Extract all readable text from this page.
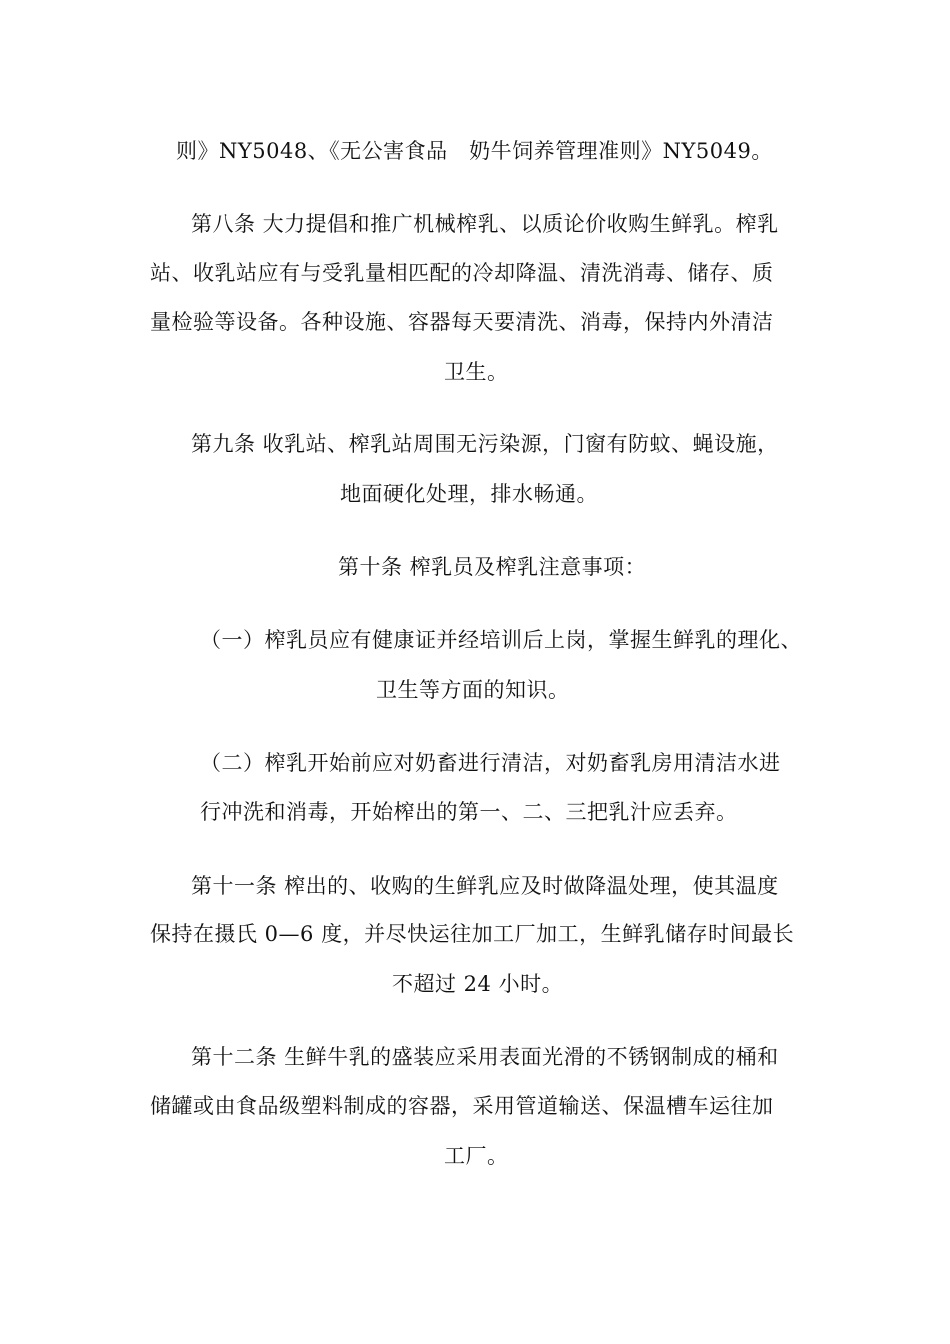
则》NY5048、《无公害食品　奶牛饲养管理准则》NY5049。
第八条 大力提倡和推广机械榨乳、以质论价收购生鲜乳。榨乳
站、收乳站应有与受乳量相匹配的冷却降温、清洗消毒、储存、质
量检验等设备。各种设施、容器每天要清洗、消毒，保持内外清洁
卫生。
第九条 收乳站、榨乳站周围无污染源，门窗有防蚊、蝇设施，
地面硬化处理，排水畅通。
第十条 榨乳员及榨乳注意事项：
（一）榨乳员应有健康证并经培训后上岗，掌握生鲜乳的理化、
卫生等方面的知识。
（二）榨乳开始前应对奶畜进行清洁，对奶畜乳房用清洁水进
行冲洗和消毒，开始榨出的第一、二、三把乳汁应丢弃。
第十一条 榨出的、收购的生鲜乳应及时做降温处理，使其温度
保持在摄氏 0—6 度，并尽快运往加工厂加工，生鲜乳储存时间最长
不超过 24 小时。
第十二条 生鲜牛乳的盛装应采用表面光滑的不锈钢制成的桶和
储罐或由食品级塑料制成的容器，采用管道输送、保温槽车运往加
工厂。
